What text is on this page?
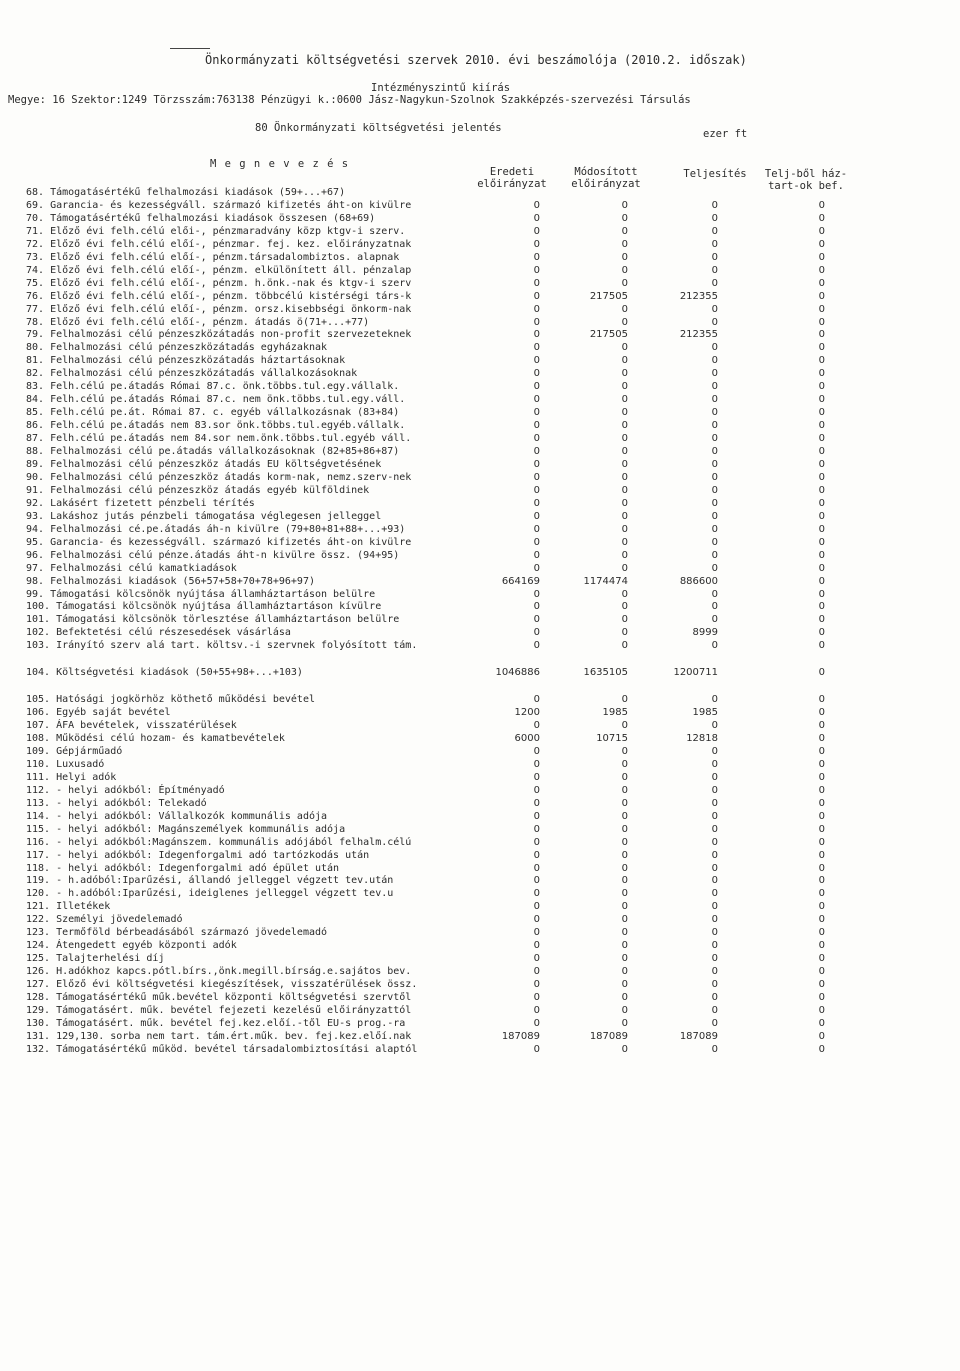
Önkormányzati költségvetési szervek 2010. évi beszámolója (2010.2. időszak)
Intézményszintű kiírás
Megye: 16 Szektor:1249 Törzsszám:763138 Pénzügyi k.:0600 Jász-Nagykun-Szolnok Szakképzés-szervezési Társulás
80 Önkormányzati költségvetési jelentés	ezer ft
M e g n e v e z é s
Eredeti előirányzat
Módosított előirányzat
Teljesítés	Telj-ből ház-tart-ok bef.
68. Támogatásértékű felhalmozási kiadások (59+...+67)
69. Garancia- és kezességváll. származó kifizetés áht-on kivülre	0	0	0	0
70. Támogatásértékű felhalmozási kiadások összesen (68+69)	0	0	0	0
71. Előző évi felh.célú elői-, pénzmaradvány közp ktgv-i szerv.	0	0	0	0
72. Előző évi felh.célú előí-, pénzmar. fej. kez. előirányzatnak	0	0	0	0
73. Előző évi felh.célú előí-, pénzm.társadalombiztos. alapnak	0	0	0	0
74. Előző évi felh.célú előí-, pénzm. elkülönített áll. pénzalap	0	0	0	0
75. Előző évi felh.célú előí-, pénzm. h.önk.-nak és ktgv-i szerv	0	0	0	0
76. Előző évi felh.célú előí-, pénzm. többcélú kistérségi társ-k	0	217505	212355	0
77. Előző évi felh.célú előí-, pénzm. orsz.kisebbségi önkorm-nak	0	0	0	0
78. Előző évi felh.célú előí-, pénzm. átadás ö(71+...+77)	0	0	0	0
79. Felhalmozási célú pénzeszközátadás non-profit szervezeteknek	0	217505	212355	0
80. Felhalmozási célú pénzeszközátadás egyházaknak	0	0	0	0
81. Felhalmozási célú pénzeszközátadás háztartásoknak	0	0	0	0
82. Felhalmozási célú pénzeszközátadás vállalkozásoknak	0	0	0	0
83. Felh.célú pe.átadás Római 87.c. önk.többs.tul.egy.vállalk.	0	0	0	0
84. Felh.célú pe.átadás Római 87.c. nem önk.többs.tul.egy.váll.	0	0	0	0
85. Felh.célú pe.át. Római 87. c. egyéb vállalkozásnak (83+84)	0	0	0	0
86. Felh.célú pe.átadás nem 83.sor önk.többs.tul.egyéb.vállalk.	0	0	0	0
87. Felh.célú pe.átadás nem 84.sor nem.önk.többs.tul.egyéb váll.	0	0	0	0
88. Felhalmozási célú pe.átadás vállalkozásoknak (82+85+86+87)	0	0	0	0
89. Felhalmozási célú pénzeszköz átadás EU költségvetésének	0	0	0	0
90. Felhalmozási célú pénzeszköz átadás korm-nak, nemz.szerv-nek	0	0	0	0
91. Felhalmozási célú pénzeszköz átadás egyéb külföldinek	0	0	0	0
92. Lakásért fizetett pénzbeli térítés	0	0	0	0
93. Lakáshoz jutás pénzbeli támogatása véglegesen jelleggel	0	0	0	0
94. Felhalmozási cé.pe.átadás áh-n kivülre (79+80+81+88+...+93)	0	0	0	0
95. Garancia- és kezességváll. származó kifizetés áht-on kivülre	0	0	0	0
96. Felhalmozási célú pénze.átadás áht-n kivülre össz. (94+95)	0	0	0	0
97. Felhalmozási célú kamatkiadások	0	0	0	0
98. Felhalmozási kiadások (56+57+58+70+78+96+97)	664169	1174474	886600	0
99. Támogatási kölcsönök nyújtása államháztartáson belülre	0	0	0	0
100. Támogatási kölcsönök nyújtása államháztartáson kívülre	0	0	0	0
101. Támogatási kölcsönök törlesztése államháztartáson belülre	0	0	0	0
102. Befektetési célú részesedések vásárlása	0	0	8999	0
103. Irányító szerv alá tart. költsv.-i szervnek folyósított tám.	0	0	0	0
104. Költségvetési kiadások (50+55+98+...+103)	1046886	1635105	1200711	0
105. Hatósági jogkörhöz köthető működési bevétel	0	0	0	0
106. Egyéb saját bevétel	1200	1985	1985	0
107. ÁFA bevételek, visszatérülések	0	0	0	0
108. Működési célú hozam- és kamatbevételek	6000	10715	12818	0
109. Gépjárműadó	0	0	0	0
110. Luxusadó	0	0	0	0
111. Helyi adók	0	0	0	0
112. - helyi adókból: Építményadó	0	0	0	0
113. - helyi adókból: Telekadó	0	0	0	0
114. - helyi adókból: Vállalkozók kommunális adója	0	0	0	0
115. - helyi adókból: Magánszemélyek kommunális adója	0	0	0	0
116. - helyi adókból:Magánszem. kommunális adójából felhalm.célú	0	0	0	0
117. - helyi adókból: Idegenforgalmi adó tartózkodás után	0	0	0	0
118. - helyi adókból: Idegenforgalmi adó épület után	0	0	0	0
119. - h.adóból:Iparűzési, állandó jelleggel végzett tev.után	0	0	0	0
120. - h.adóból:Iparűzési, ideiglenes jelleggel végzett tev.u	0	0	0	0
121. Illetékek	0	0	0	0
122. Személyi jövedelemadó	0	0	0	0
123. Termőföld bérbeadásából származó jövedelemadó	0	0	0	0
124. Átengedett egyéb központi adók	0	0	0	0
125. Talajterhelési díj	0	0	0	0
126. H.adókhoz kapcs.pótl.bírs.,önk.megill.bírság.e.sajátos bev.	0	0	0	0
127. Előző évi költségvetési kiegészítések, visszatérülések össz.	0	0	0	0
128. Támogatásértékű műk.bevétel központi költségvetési szervtől	0	0	0	0
129. Támogatásért. műk. bevétel fejezeti kezelésű előirányzattól	0	0	0	0
130. Támogatásért. műk. bevétel fej.kez.előí.-től EU-s prog.-ra	0	0	0	0
131. 129,130. sorba nem tart. tám.ért.műk. bev. fej.kez.előí.nak	187089	187089	187089	0
132. Támogatásértékű működ. bevétel társadalombiztosítási alaptól	0	0	0	0
